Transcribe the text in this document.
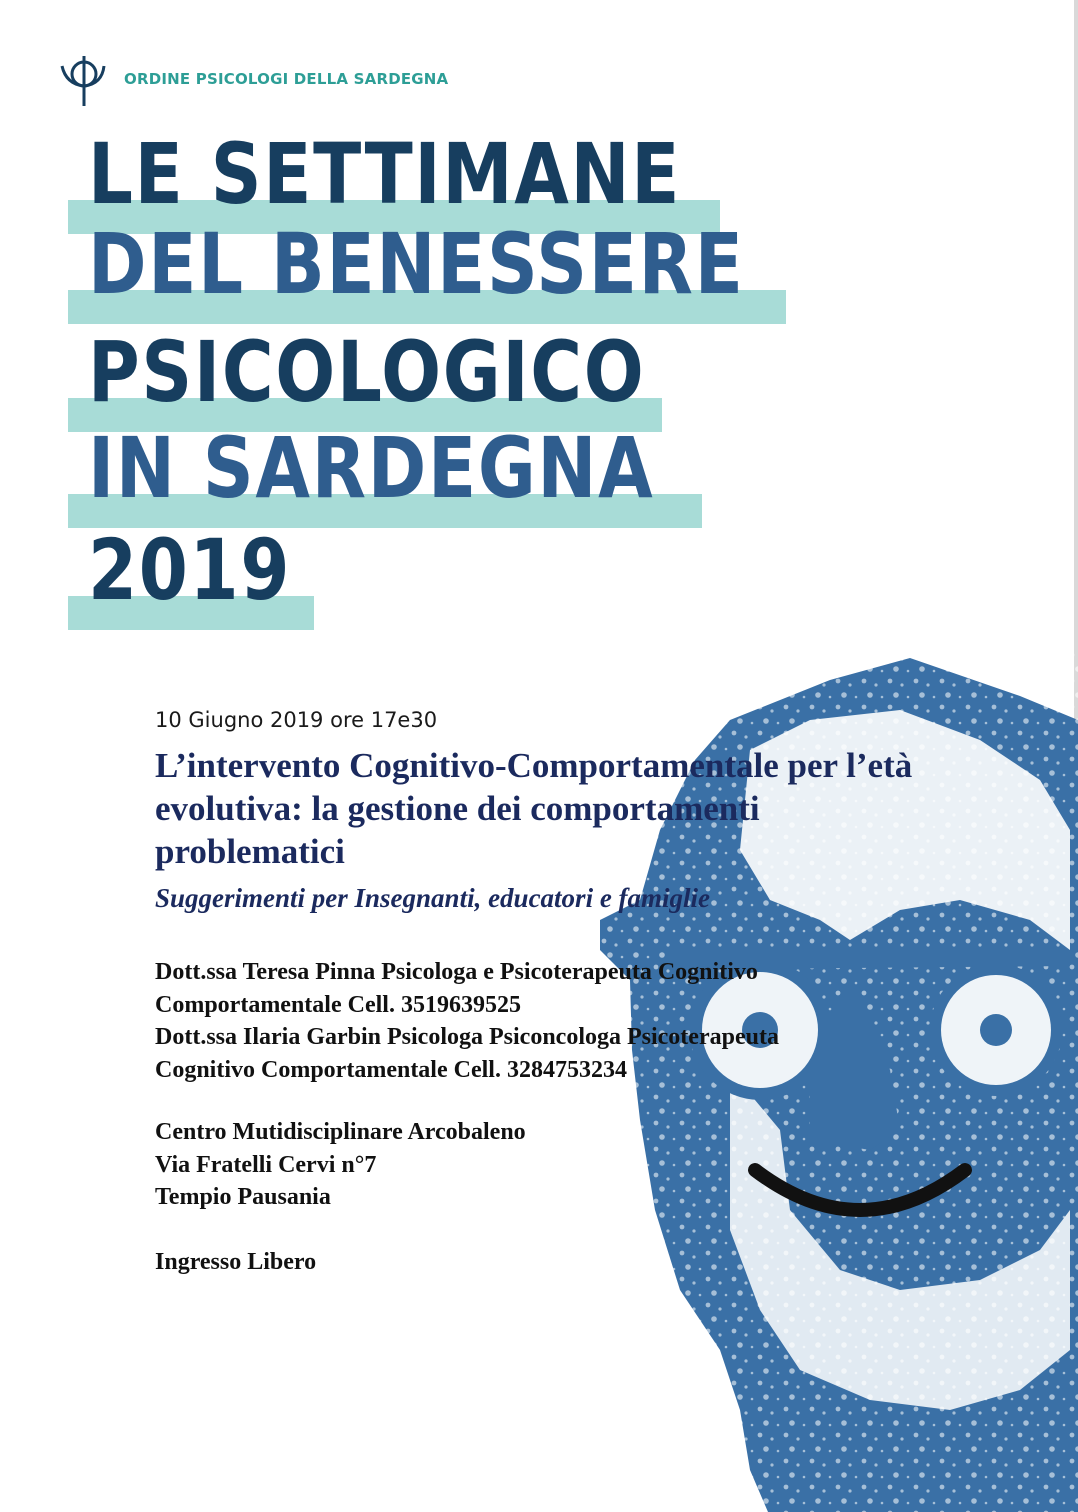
ORDINE PSICOLOGI DELLA SARDEGNA
LE SETTIMANE
DEL BENESSERE
PSICOLOGICO
IN SARDEGNA
2019
10 Giugno 2019 ore 17e30

L’intervento Cognitivo-Comportamentale per l’età evolutiva: la gestione dei comportamenti problematici

Suggerimenti per Insegnanti, educatori e famiglie
Dott.ssa Teresa Pinna Psicologa e Psicoterapeuta Cognitivo
Comportamentale Cell. 3519639525
Dott.ssa Ilaria Garbin Psicologa Psiconcologa Psicoterapeuta
Cognitivo Comportamentale Cell. 3284753234
Centro Mutidisciplinare Arcobaleno
Via Fratelli Cervi n°7
Tempio Pausania
Ingresso Libero
